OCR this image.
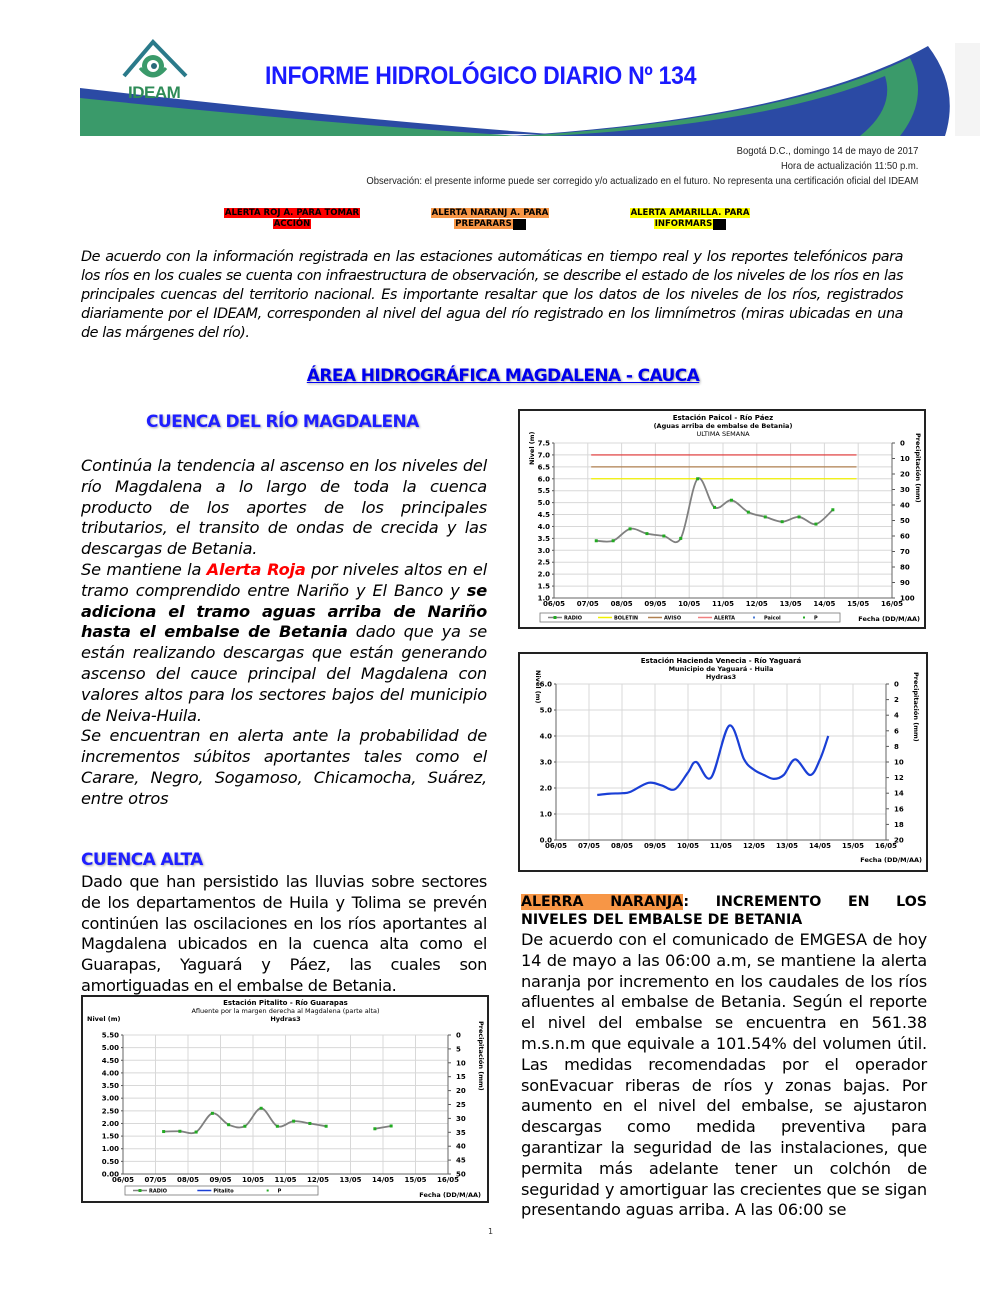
IDEAM
INFORME HIDROLÓGICO DIARIO Nº 134
Bogotá D.C., domingo 14 de mayo de 2017
Hora de actualización 11:50 p.m.
Observación: el presente informe puede ser corregido y/o actualizado en el futuro. No representa una certificación oficial del IDEAM
ALERTA ROJ A. PARA TOMAR
ACCIÓN
ALERTA NARANJ A. PARA
PREPARARS
ALERTA AMARILLA. PARA
INFORMARS

De acuerdo con la información registrada en las estaciones automáticas en tiempo real y los reportes telefónicos para los ríos en los cuales se cuenta con infraestructura de observación, se describe el estado de los niveles de los ríos en las principales cuencas del territorio nacional. Es importante resaltar que los datos de los niveles de los ríos, registrados diariamente por el IDEAM, corresponden al nivel del agua del río registrado en los limnímetros (miras ubicadas en una de las márgenes del río).

ÁREA HIDROGRÁFICA MAGDALENA - CAUCA
CUENCA DEL RÍO MAGDALENA
Continúa la tendencia al ascenso en los niveles del río Magdalena a lo largo de toda la cuenca producto de los aportes de los principales tributarios, el transito de ondas de crecida y las descargas de Betania.
Se mantiene la Alerta Roja por niveles altos en el tramo comprendido entre Nariño y El Banco y se adiciona el tramo aguas arriba de Nariño hasta el embalse de Betania dado que ya se están realizando descargas que están generando ascenso del cauce principal del Magdalena con valores altos para los sectores bajos del municipio de Neiva-Huila.
Se encuentran en alerta ante la probabilidad de incrementos súbitos aportantes tales como el Carare, Negro, Sogamoso, Chicamocha, Suárez, entre otros
CUENCA ALTA
Dado que han persistido las lluvias sobre sectores de los departamentos de Huila y Tolima se prevén continúen las oscilaciones en los ríos aportantes al Magdalena ubicados en la cuenca alta como el Guarapas, Yaguará y Páez, las cuales son amortiguadas en el embalse de Betania.
ALERRA NARANJA: INCREMENTO EN LOS
NIVELES DEL EMBALSE DE BETANIA
De acuerdo con el comunicado de EMGESA de hoy 14 de mayo a las 06:00 a.m, se mantiene la alerta naranja por incremento en los caudales de los ríos afluentes al embalse de Betania. Según el reporte el nivel del embalse se encuentra en 561.38 m.s.n.m que equivale a 101.54% del volumen útil. Las medidas recomendadas por el operador sonEvacuar riberas de ríos y zonas bajas. Por aumento en el nivel del embalse, se ajustaron descargas como medida preventiva para garantizar la seguridad de las instalaciones, que permita más adelante tener un colchón de seguridad y amortiguar las crecientes que se sigan presentando aguas arriba. A las 06:00 se
Estación Paicol - Río Páez
(Aguas arriba de embalse de Betania)
ULTIMA SEMANA
1.0
1.5
2.0
2.5
3.0
3.5
4.0
4.5
5.0
5.5
6.0
6.5
7.0
7.5
06/05 07/05 08/05 09/05 10/05 11/05 12/05 13/05 14/05 15/05 16/05
0
10
20
30
40
50
60
70
80
90
100
Nivel (m)	Precipitación (mm)
Fecha (DD/M/AA)
RADIO	BOLETIN	AVISO	ALERTA	Paicol	P
Estación Hacienda Venecia - Río Yaguará
Municipio de Yaguará - Huila
Hydras3
0.0
1.0
2.0
3.0
4.0
5.0
6.0
06/05 07/05 08/05 09/05 10/05 11/05 12/05 13/05 14/05 15/05 16/05
0
2
4
6
8
10
12
14
16
18
20
Nivel (m)	Precipitación (mm)
Fecha (DD/M/AA)
Estación Pitalito - Río Guarapas
Afluente por la margen derecha al Magdalena (parte alta)
Hydras3
0.00
0.50
1.00
1.50
2.00
2.50
3.00
3.50
4.00
4.50
5.00
5.50
06/05 07/05 08/05 09/05 10/05 11/05 12/05 13/05 14/05 15/05 16/05
0
5
10
15
20
25
30
35
40
45
50
Nivel (m)
Precipitación (mm)
Fecha (DD/M/AA)
RADIO	Pitalito	P
1
